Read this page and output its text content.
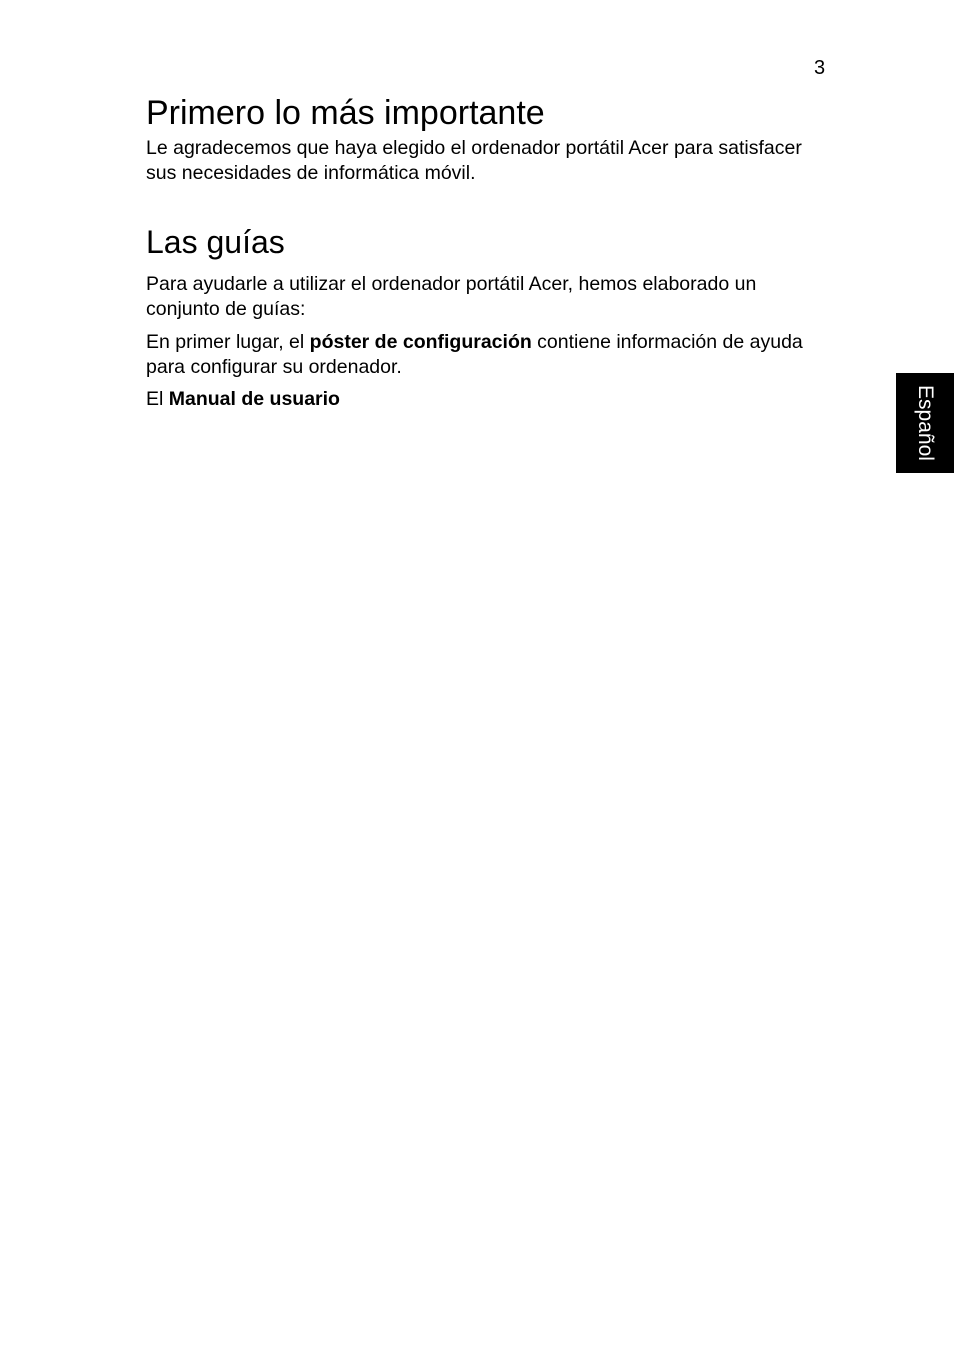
3
Español
Primero lo más importante

Le agradecemos que haya elegido el ordenador portátil Acer para satisfacer sus necesidades de informática móvil.

Las guías

Para ayudarle a utilizar el ordenador portátil Acer, hemos elaborado un conjunto de guías:

En primer lugar, el póster de configuración contiene información de ayuda para configurar su ordenador.

El Manual de usuario
